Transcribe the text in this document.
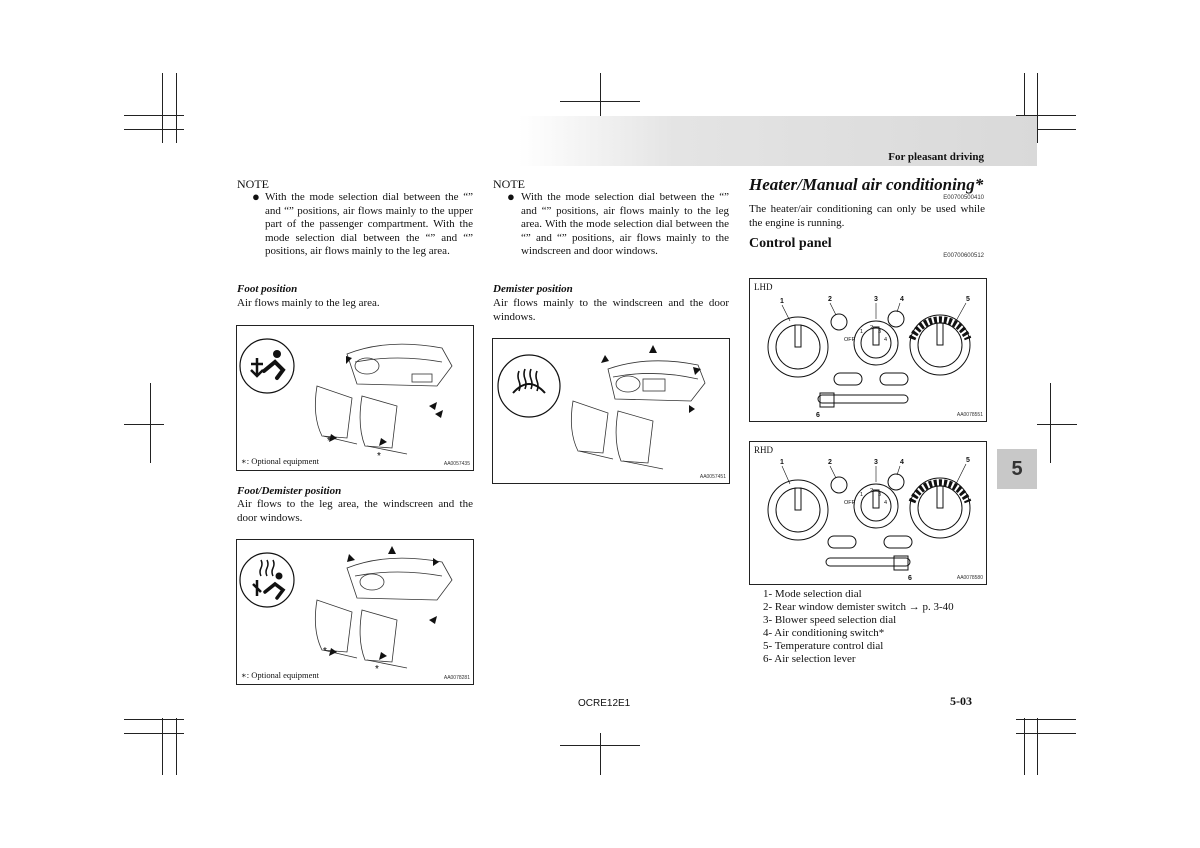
For pleasant driving
5
NOTE
● With the mode selection dial between the “” and “” positions, air flows mainly to the upper part of the passenger compartment. With the mode selection dial between the “” and “” positions, air flows mainly to the leg area.
Foot position
Air flows mainly to the leg area.
*
*
∗: Optional equipment	AA0057435
Foot/Demister position
Air flows to the leg area, the windscreen and the door windows.
*
*
∗: Optional equipment	AA0078281
NOTE
● With the mode selection dial between the “” and “” positions, air flows mainly to the leg area. With the mode selection dial between the “” and “” positions, air flows mainly to the windscreen and door windows.
Demister position
Air flows mainly to the windscreen and the door windows.
AA0057451
Heater/Manual air conditioning*
E00700500410
The heater/air conditioning can only be used while the engine is running.
Control panel
E00700600512
LHD
1	2	3	4	5
6
OFF
1
2
3
4
AA0078551
RHD
1	2	3	4	5
6
OFF
1
2
3
4
AA0078580
1- Mode selection dial
2- Rear window demister switch → p. 3-40
3- Blower speed selection dial
4- Air conditioning switch*
5- Temperature control dial
6- Air selection lever
OCRE12E1	5-03
